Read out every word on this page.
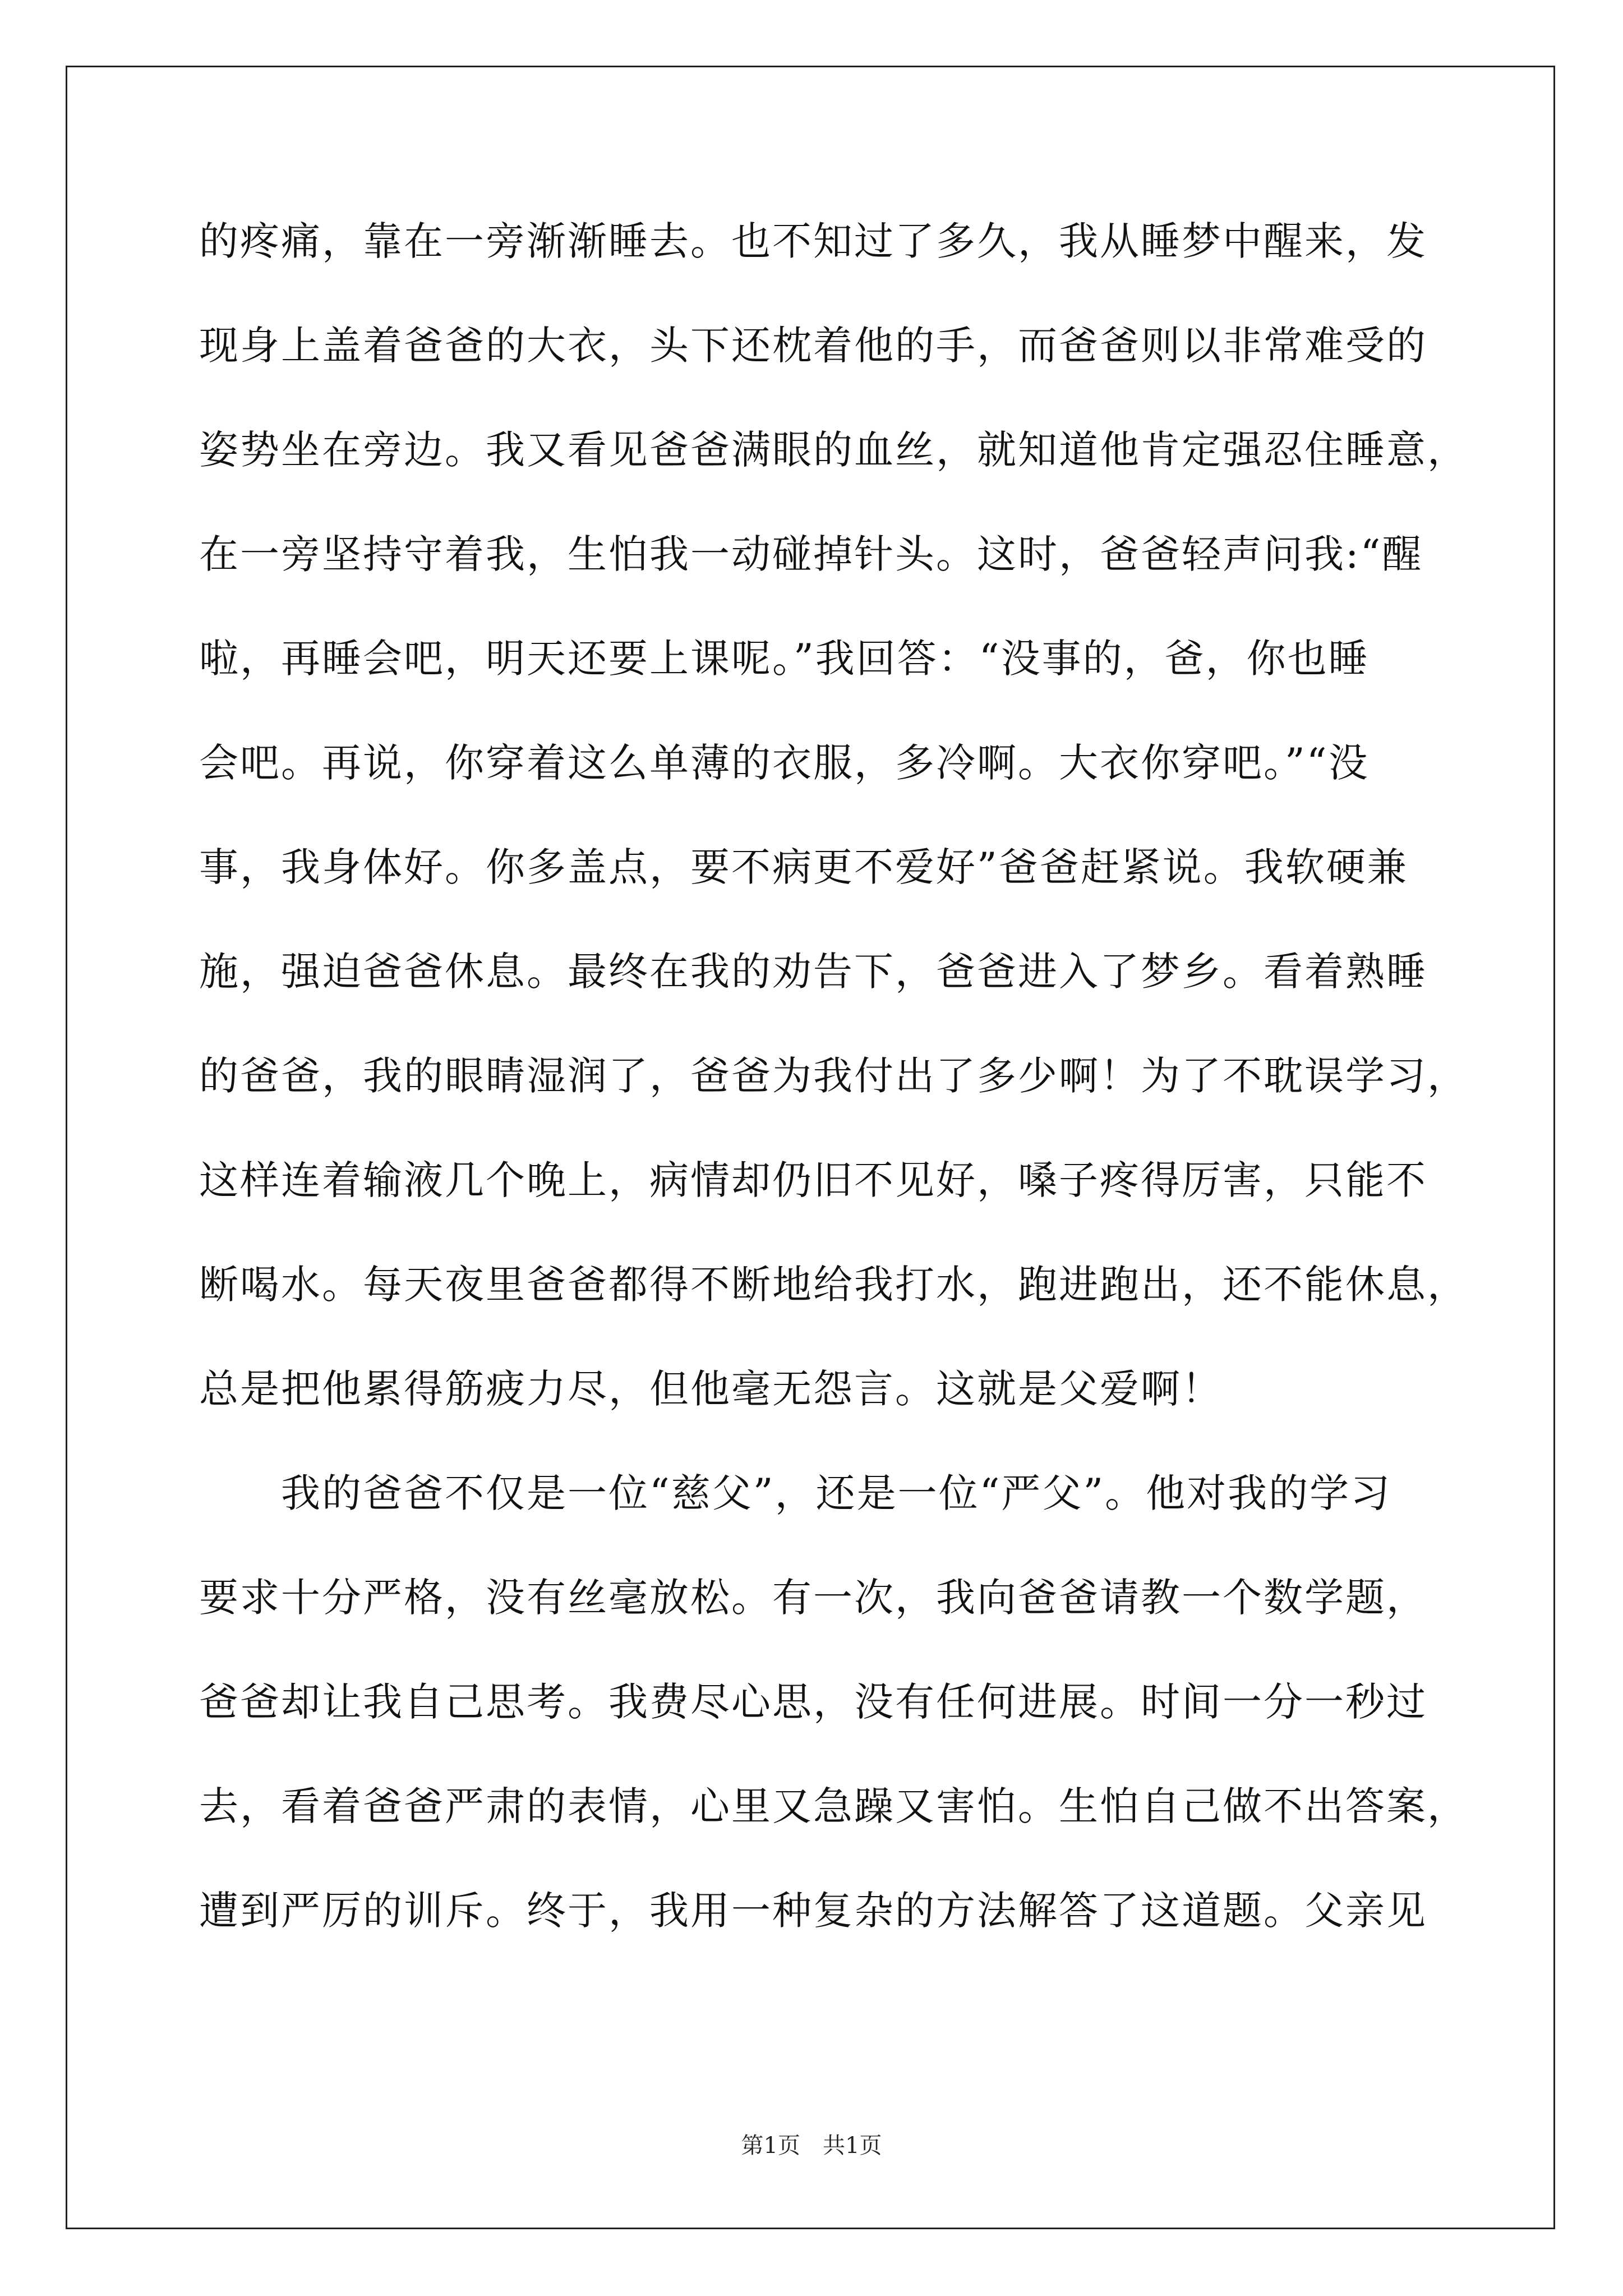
的疼痛，靠在一旁渐渐睡去。也不知过了多久，我从睡梦中醒来，发

现身上盖着爸爸的大衣，头下还枕着他的手，而爸爸则以非常难受的

姿势坐在旁边。我又看见爸爸满眼的血丝，就知道他肯定强忍住睡意，

在一旁坚持守着我，生怕我一动碰掉针头。这时，爸爸轻声问我:“醒

啦，再睡会吧，明天还要上课呢。”我回答：“没事的，爸，你也睡

会吧。再说，你穿着这么单薄的衣服，多冷啊。大衣你穿吧。”“没

事，我身体好。你多盖点，要不病更不爱好”爸爸赶紧说。我软硬兼

施，强迫爸爸休息。最终在我的劝告下，爸爸进入了梦乡。看着熟睡

的爸爸，我的眼睛湿润了，爸爸为我付出了多少啊！为了不耽误学习，

这样连着输液几个晚上，病情却仍旧不见好，嗓子疼得厉害，只能不

断喝水。每天夜里爸爸都得不断地给我打水，跑进跑出，还不能休息，

总是把他累得筋疲力尽，但他毫无怨言。这就是父爱啊！

　　我的爸爸不仅是一位“慈父”，还是一位“严父”。他对我的学习

要求十分严格，没有丝毫放松。有一次，我向爸爸请教一个数学题，

爸爸却让我自己思考。我费尽心思，没有任何进展。时间一分一秒过

去，看着爸爸严肃的表情，心里又急躁又害怕。生怕自己做不出答案，

遭到严厉的训斥。终于，我用一种复杂的方法解答了这道题。父亲见

第1页　共1页
